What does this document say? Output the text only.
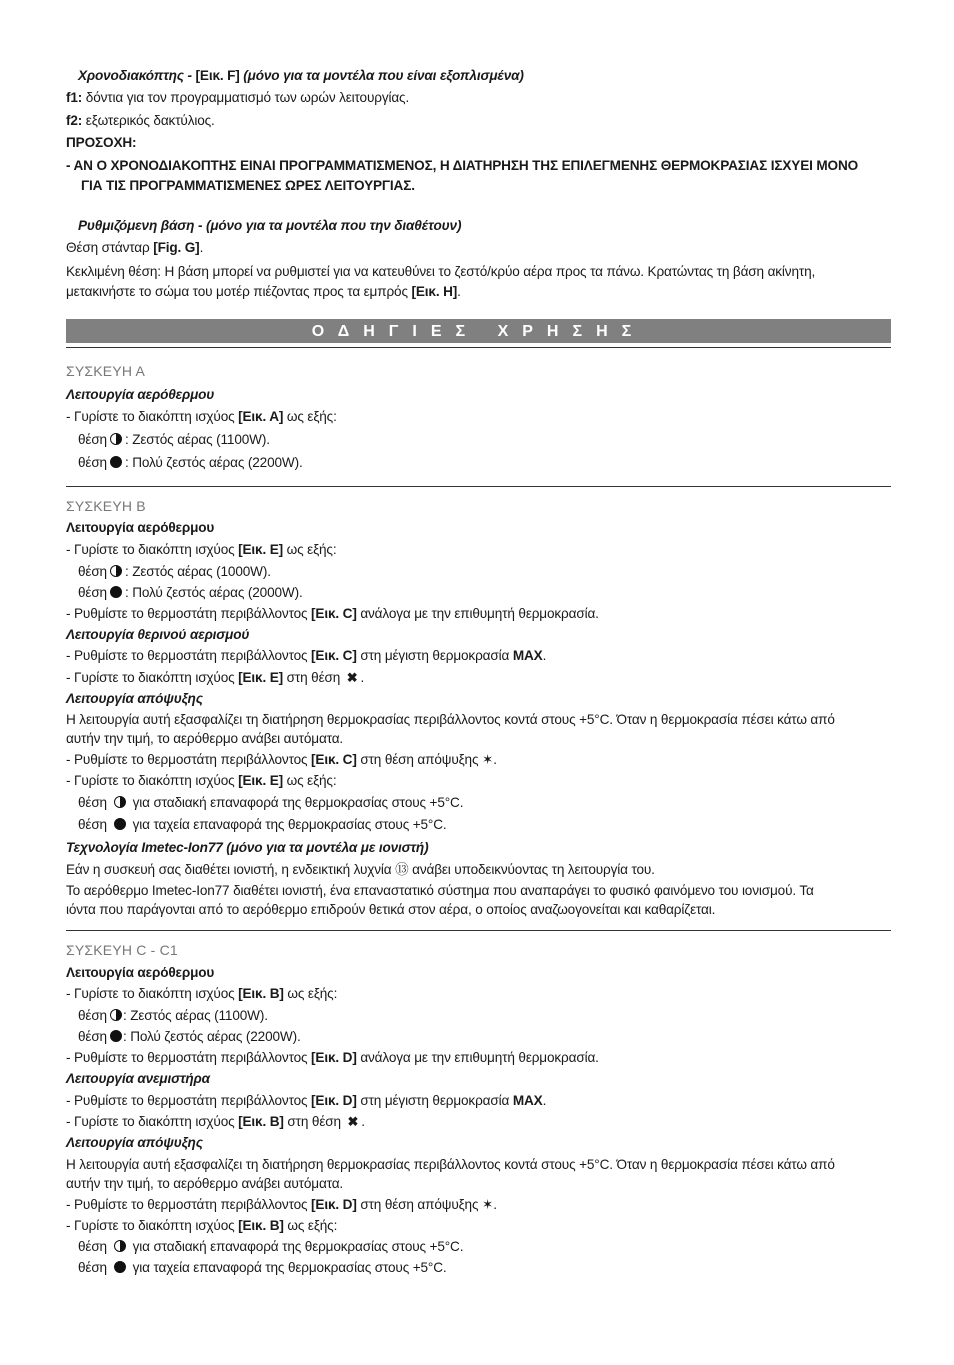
Χρονοδιακόπτης - [Εικ. F] (μόνο για τα μοντέλα που είναι εξοπλισμένα)
f1: δόντια για τον προγραμματισμό των ωρών λειτουργίας.
f2: εξωτερικός δακτύλιος.
ΠΡΟΣΟΧΗ:
- ΑΝ Ο ΧΡΟΝΟΔΙΑΚΟΠΤΗΣ ΕΙΝΑΙ ΠΡΟΓΡΑΜΜΑΤΙΣΜΕΝΟΣ, Η ΔΙΑΤΗΡΗΣΗ ΤΗΣ ΕΠΙΛΕΓΜΕΝΗΣ ΘΕΡΜΟΚΡΑΣΙΑΣ ΙΣΧΥΕΙ ΜΟΝΟ
ΓΙΑ ΤΙΣ ΠΡΟΓΡΑΜΜΑΤΙΣΜΕΝΕΣ ΩΡΕΣ ΛΕΙΤΟΥΡΓΙΑΣ.
Ρυθμιζόμενη βάση - (μόνο για τα μοντέλα που την διαθέτουν)
Θέση στάνταρ [Fig. G].
Κεκλιμένη θέση: Η βάση μπορεί να ρυθμιστεί για να κατευθύνει το ζεστό/κρύο αέρα προς τα πάνω. Κρατώντας τη βάση ακίνητη,
μετακινήστε το σώμα του μοτέρ πιέζοντας προς τα εμπρός [Εικ. Η].
ΟΔΗΓΙΕΣ ΧΡΗΣΗΣ
ΣΥΣΚΕΥΗ Α
Λειτουργία αερόθερμου
- Γυρίστε το διακόπτη ισχύος [Εικ. Α] ως εξής:
θέση : Ζεστός αέρας (1100W).
θέση : Πολύ ζεστός αέρας (2200W).
ΣΥΣΚΕΥΗ Β
Λειτουργία αερόθερμου
- Γυρίστε το διακόπτη ισχύος [Εικ. E] ως εξής:
θέση : Ζεστός αέρας (1000W).
θέση : Πολύ ζεστός αέρας (2000W).
- Ρυθμίστε το θερμοστάτη περιβάλλοντος [Εικ. C] ανάλογα με την επιθυμητή θερμοκρασία.
Λειτουργία θερινού αερισμού
- Ρυθμίστε το θερμοστάτη περιβάλλοντος [Εικ. C] στη μέγιστη θερμοκρασία MAX.
- Γυρίστε το διακόπτη ισχύος [Εικ. E] στη θέση ✖ .
Λειτουργία απόψυξης
Η λειτουργία αυτή εξασφαλίζει τη διατήρηση θερμοκρασίας περιβάλλοντος κοντά στους +5°C. Όταν η θερμοκρασία πέσει κάτω από
αυτήν την τιμή, το αερόθερμο ανάβει αυτόματα.
- Ρυθμίστε το θερμοστάτη περιβάλλοντος [Εικ. C] στη θέση απόψυξης ✶.
- Γυρίστε το διακόπτη ισχύος [Εικ. E] ως εξής:
θέση για σταδιακή επαναφορά της θερμοκρασίας στους +5°C.
θέση για ταχεία επαναφορά της θερμοκρασίας στους +5°C.
Τεχνολογία Imetec-Ion77 (μόνο για τα μοντέλα με ιονιστή)
Εάν η συσκευή σας διαθέτει ιονιστή, η ενδεικτική λυχνία ⑬ ανάβει υποδεικνύοντας τη λειτουργία του.
Το αερόθερμο Imetec-Ion77 διαθέτει ιονιστή, ένα επαναστατικό σύστημα που αναπαράγει το φυσικό φαινόμενο του ιονισμού. Τα
ιόντα που παράγονται από το αερόθερμο επιδρούν θετικά στον αέρα, ο οποίος αναζωογονείται και καθαρίζεται.
ΣΥΣΚΕΥΗ C - C1
Λειτουργία αερόθερμου
- Γυρίστε το διακόπτη ισχύος [Εικ. B] ως εξής:
θέση : Ζεστός αέρας (1100W).
θέση : Πολύ ζεστός αέρας (2200W).
- Ρυθμίστε το θερμοστάτη περιβάλλοντος [Εικ. D] ανάλογα με την επιθυμητή θερμοκρασία.
Λειτουργία ανεμιστήρα
- Ρυθμίστε το θερμοστάτη περιβάλλοντος [Εικ. D] στη μέγιστη θερμοκρασία MAX.
- Γυρίστε το διακόπτη ισχύος [Εικ. B] στη θέση ✖ .
Λειτουργία απόψυξης
Η λειτουργία αυτή εξασφαλίζει τη διατήρηση θερμοκρασίας περιβάλλοντος κοντά στους +5°C. Όταν η θερμοκρασία πέσει κάτω από
αυτήν την τιμή, το αερόθερμο ανάβει αυτόματα.
- Ρυθμίστε το θερμοστάτη περιβάλλοντος [Εικ. D] στη θέση απόψυξης ✶.
- Γυρίστε το διακόπτη ισχύος [Εικ. B] ως εξής:
θέση για σταδιακή επαναφορά της θερμοκρασίας στους +5°C.
θέση για ταχεία επαναφορά της θερμοκρασίας στους +5°C.
